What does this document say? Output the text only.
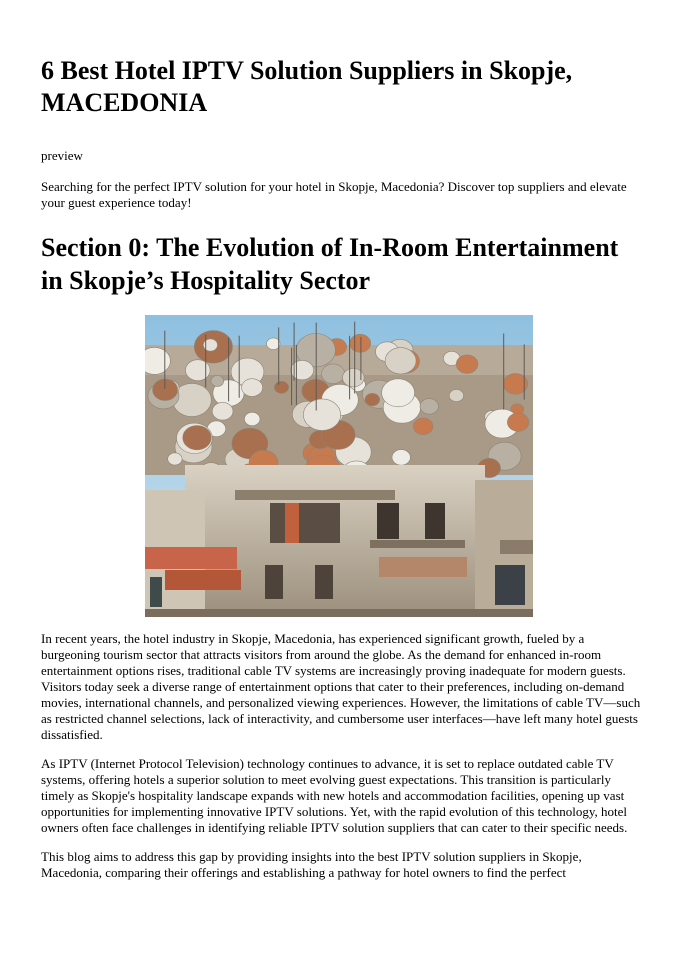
6 Best Hotel IPTV Solution Suppliers in Skopje, MACEDONIA
preview

Searching for the perfect IPTV solution for your hotel in Skopje, Macedonia? Discover top suppliers and elevate your guest experience today!

Section 0: The Evolution of In-Room Entertainment in Skopje’s Hospitality Sector

In recent years, the hotel industry in Skopje, Macedonia, has experienced significant growth, fueled by a burgeoning tourism sector that attracts visitors from around the globe. As the demand for enhanced in-room entertainment options rises, traditional cable TV systems are increasingly proving inadequate for modern guests. Visitors today seek a diverse range of entertainment options that cater to their preferences, including on-demand movies, international channels, and personalized viewing experiences. However, the limitations of cable TV—such as restricted channel selections, lack of interactivity, and cumbersome user interfaces—have left many hotel guests dissatisfied.

As IPTV (Internet Protocol Television) technology continues to advance, it is set to replace outdated cable TV systems, offering hotels a superior solution to meet evolving guest expectations. This transition is particularly timely as Skopje's hospitality landscape expands with new hotels and accommodation facilities, opening up vast opportunities for implementing innovative IPTV solutions. Yet, with the rapid evolution of this technology, hotel owners often face challenges in identifying reliable IPTV solution suppliers that can cater to their specific needs.

This blog aims to address this gap by providing insights into the best IPTV solution suppliers in Skopje, Macedonia, comparing their offerings and establishing a pathway for hotel owners to find the perfect
